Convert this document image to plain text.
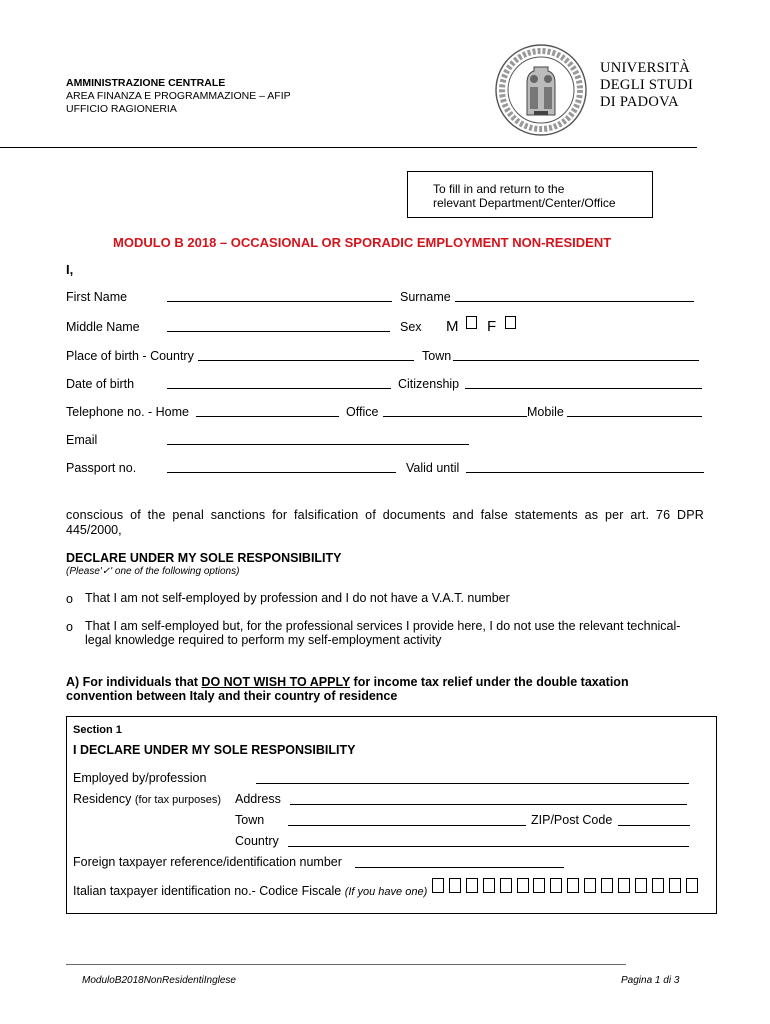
AMMINISTRAZIONE CENTRALE
AREA FINANZA E PROGRAMMAZIONE – AFIP
UFFICIO RAGIONERIA
UNIVERSITÀ
DEGLI STUDI
DI PADOVA
To fill in and return to the
relevant Department/Center/Office
MODULO B 2018 – OCCASIONAL OR SPORADIC EMPLOYMENT NON-RESIDENT
I,
First Name	Surname
Middle Name	Sex M F
Place of birth - Country	Town
Date of birth	Citizenship
Telephone no. - Home	Office	Mobile
Email
Passport no.	Valid until
conscious of the penal sanctions for falsification of documents and false statements as per art. 76 DPR
445/2000,
DECLARE UNDER MY SOLE RESPONSIBILITY
(Please'✓' one of the following options)
o That I am not self-employed by profession and I do not have a V.A.T. number
o That I am self-employed but, for the professional services I provide here, I do not use the relevant technical-
legal knowledge required to perform my self-employment activity
A) For individuals that DO NOT WISH TO APPLY for income tax relief under the double taxation
convention between Italy and their country of residence
Section 1
I DECLARE UNDER MY SOLE RESPONSIBILITY
Employed by/profession
Residency (for tax purposes) Address
Town	ZIP/Post Code
Country
Foreign taxpayer reference/identification number
Italian taxpayer identification no.- Codice Fiscale (If you have one)
ModuloB2018NonResidentiInglese	Pagina 1 di 3
